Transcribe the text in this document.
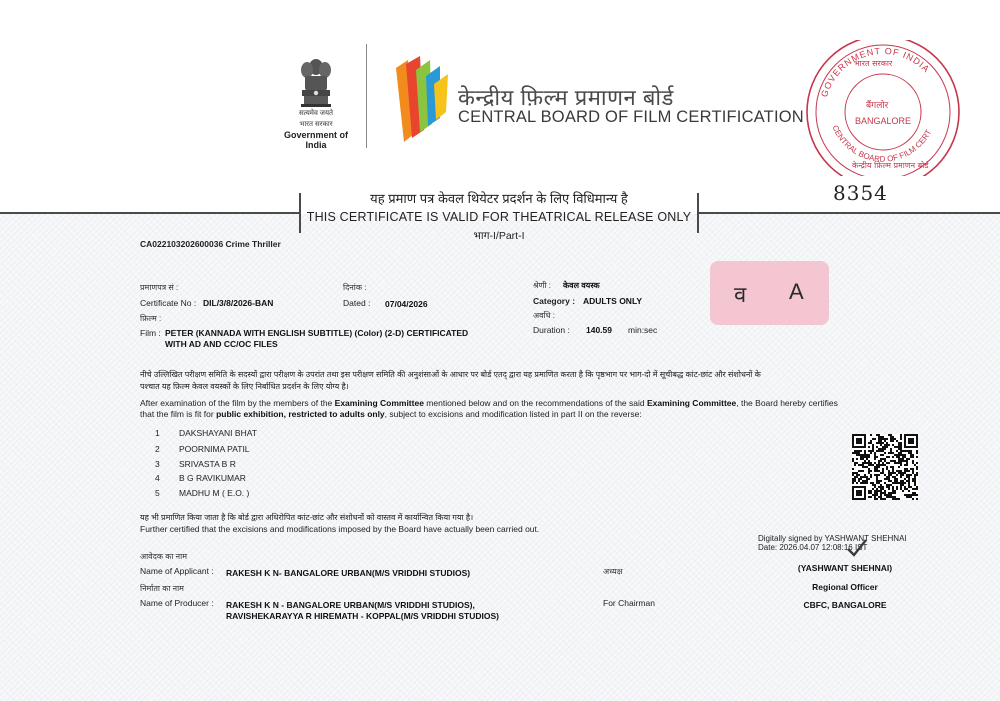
सत्यमेव जयते
भारत सरकार
Government of India
केन्द्रीय फ़िल्म प्रमाणन बोर्ड
CENTRAL BOARD OF FILM CERTIFICATION
GOVERNMENT OF INDIA
CENTRAL BOARD OF FILM CERT
भारत सरकार
बैंगलोर
BANGALORE
केन्द्रीय फ़िल्म प्रमाणन बोर्ड
8354
यह प्रमाण पत्र केवल थियेटर प्रदर्शन के लिए विधिमान्य है
THIS CERTIFICATE IS VALID FOR THEATRICAL RELEASE ONLY
भाग-I/Part-I
CA022103202600036 Crime Thriller
प्रमाणपत्र सं :
Certificate No : DIL/3/8/2026-BAN
दिनांक :
Dated : 07/04/2026
श्रेणी : केवल वयस्क
Category : ADULTS ONLY
अवधि :
Duration : 140.59 min:sec
फ़िल्म :
Film : PETER (KANNADA WITH ENGLISH SUBTITLE) (Color) (2-D) CERTIFICATED
WITH AD AND CC/OC FILES
व A
नीचे उल्लिखित परीक्षण समिति के सदस्यों द्वारा परीक्षण के उपरांत तथा इस परीक्षण समिति की अनुशंसाओं के आधार पर बोर्ड एतद् द्वारा यह प्रमाणित करता है कि पृष्ठभाग पर भाग-दो में सूचीबद्ध कांट-छांट और संशोधनों के
पश्चात यह फ़िल्म केवल वयस्कों के लिए निर्बाधित प्रदर्शन के लिए योग्य है।
After examination of the film by the members of the Examining Committee mentioned below and on the recommendations of the said Examining Committee, the Board hereby certifies
that the film is fit for public exhibition, restricted to adults only, subject to excisions and modification listed in part II on the reverse:
1 DAKSHAYANI BHAT
2 POORNIMA PATIL
3 SRIVASTA B R
4 B G RAVIKUMAR
5 MADHU M ( E.O. )
यह भी प्रमाणित किया जाता है कि बोर्ड द्वारा अधिरोपित कांट-छांट और संशोधनों को वास्तव में कार्यान्वित किया गया है।
Further certified that the excisions and modifications imposed by the Board have actually been carried out.
आवेदक का नाम
Name of Applicant : RAKESH K N- BANGALORE URBAN(M/S VRIDDHI STUDIOS)
निर्माता का नाम
Name of Producer : RAKESH K N - BANGALORE URBAN(M/S VRIDDHI STUDIOS),
RAVISHEKARAYYA R HIREMATH - KOPPAL(M/S VRIDDHI STUDIOS)
अध्यक्ष
For Chairman
Digitally signed by YASHWANT SHEHNAI
Date: 2026.04.07 12:08:16 IST
(YASHWANT SHEHNAI)
Regional Officer
CBFC, BANGALORE
